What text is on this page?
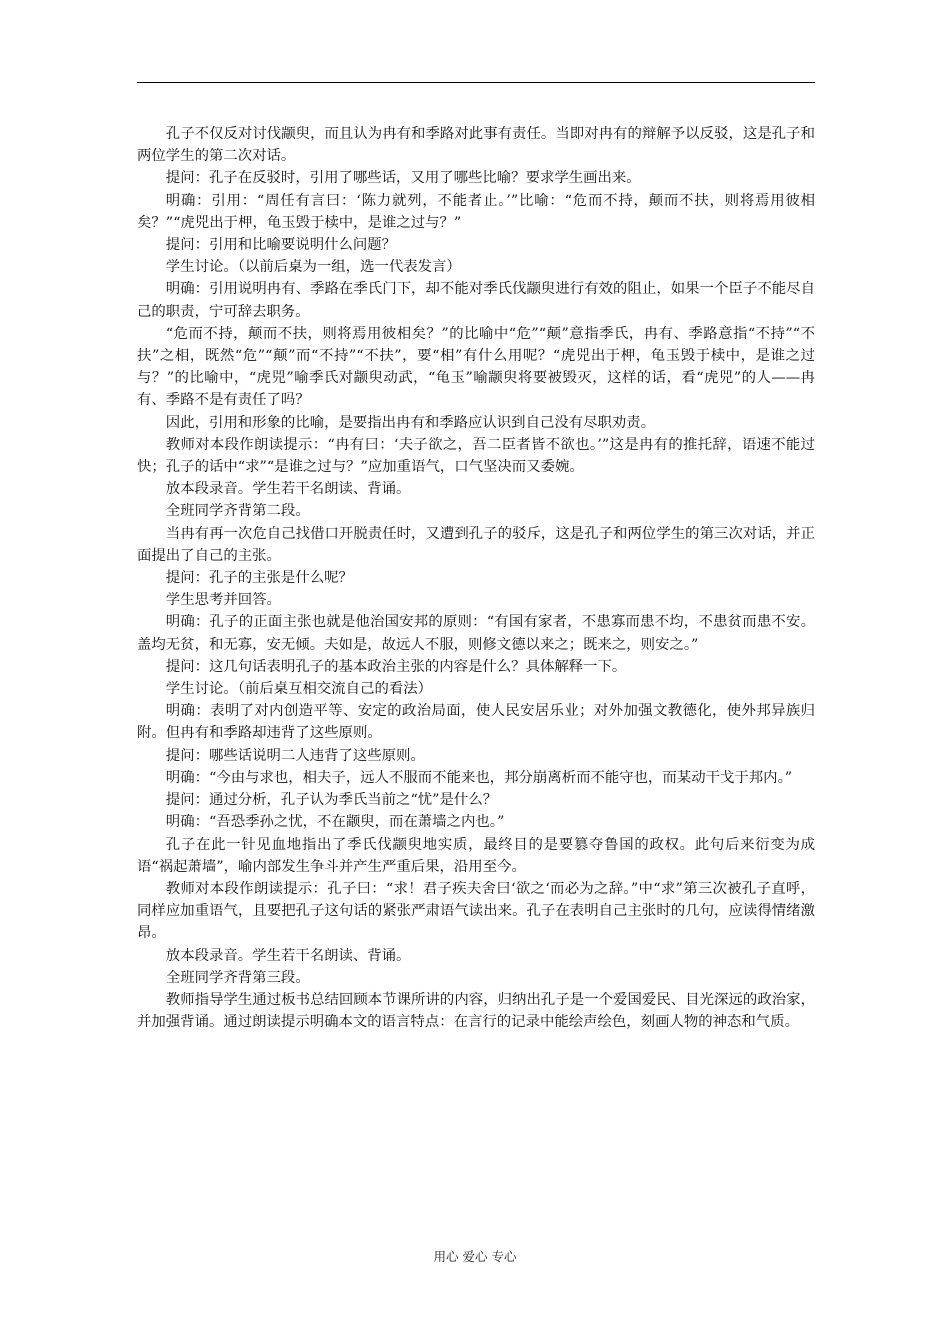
孔子不仅反对讨伐颛臾，而且认为冉有和季路对此事有责任。当即对冉有的辩解予以反驳，这是孔子和两位学生的第二次对话。

提问：孔子在反驳时，引用了哪些话，又用了哪些比喻？要求学生画出来。

明确：引用：“周任有言曰：‘陈力就列，不能者止。’”比喻：“危而不持，颠而不扶，则将焉用彼相矣？”“虎兕出于柙，龟玉毁于椟中，是谁之过与？”

提问：引用和比喻要说明什么问题？

学生讨论。（以前后桌为一组，选一代表发言）

明确：引用说明冉有、季路在季氏门下，却不能对季氏伐颛臾进行有效的阻止，如果一个臣子不能尽自己的职责，宁可辞去职务。

“危而不持，颠而不扶，则将焉用彼相矣？”的比喻中“危”“颠”意指季氏，冉有、季路意指“不持”“不扶”之相，既然“危”“颠”而“不持”“不扶”，要“相”有什么用呢？“虎兕出于柙，龟玉毁于椟中，是谁之过与？”的比喻中，“虎兕”喻季氏对颛臾动武，“龟玉”喻颛臾将要被毁灭，这样的话，看“虎兕”的人——冉有、季路不是有责任了吗？

因此，引用和形象的比喻，是要指出冉有和季路应认识到自己没有尽职劝责。

教师对本段作朗读提示：“冉有曰：‘夫子欲之，吾二臣者皆不欲也。’”这是冉有的推托辞，语速不能过快；孔子的话中“求”“是谁之过与？”应加重语气，口气坚决而又委婉。

放本段录音。学生若干名朗读、背诵。

全班同学齐背第二段。

当冉有再一次危自己找借口开脱责任时，又遭到孔子的驳斥，这是孔子和两位学生的第三次对话，并正面提出了自己的主张。

提问：孔子的主张是什么呢？

学生思考并回答。

明确：孔子的正面主张也就是他治国安邦的原则：“有国有家者，不患寡而患不均，不患贫而患不安。盖均无贫，和无寡，安无倾。夫如是，故远人不服，则修文德以来之；既来之，则安之。”

提问：这几句话表明孔子的基本政治主张的内容是什么？具体解释一下。

学生讨论。（前后桌互相交流自己的看法）

明确：表明了对内创造平等、安定的政治局面，使人民安居乐业；对外加强文教德化，使外邦异族归附。但冉有和季路却违背了这些原则。

提问：哪些话说明二人违背了这些原则。

明确：“今由与求也，相夫子，远人不服而不能来也，邦分崩离析而不能守也，而某动干戈于邦内。”

提问：通过分析，孔子认为季氏当前之“忧”是什么？

明确：“吾恐季孙之忧，不在颛臾，而在萧墙之内也。”

孔子在此一针见血地指出了季氏伐颛臾地实质，最终目的是要篡夺鲁国的政权。此句后来衍变为成语“祸起萧墙”，喻内部发生争斗并产生严重后果，沿用至今。

教师对本段作朗读提示：孔子曰：“求！君子疾夫舍曰‘欲之‘而必为之辞。”中“求”第三次被孔子直呼，同样应加重语气，且要把孔子这句话的紧张严肃语气读出来。孔子在表明自己主张时的几句，应读得情绪激昂。

放本段录音。学生若干名朗读、背诵。

全班同学齐背第三段。

教师指导学生通过板书总结回顾本节课所讲的内容，归纳出孔子是一个爱国爱民、目光深远的政治家，并加强背诵。通过朗读提示明确本文的语言特点：在言行的记录中能绘声绘色，刻画人物的神态和气质。

用心 爱心 专心
